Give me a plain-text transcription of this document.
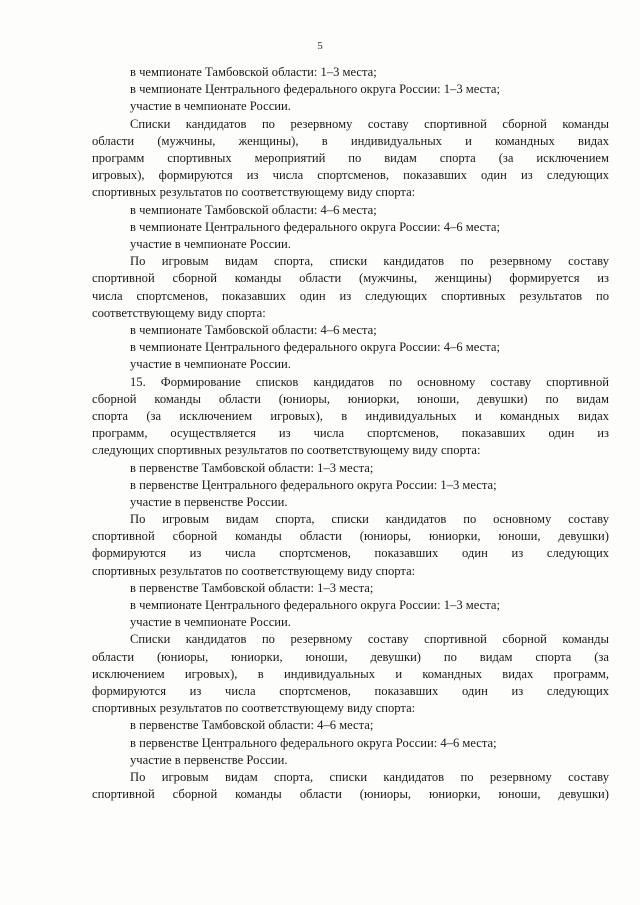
5
в чемпионате Тамбовской области: 1–3 места;
в чемпионате Центрального федерального округа России: 1–3 места;
участие в чемпионате России.
Списки кандидатов по резервному составу спортивной сборной команды
области (мужчины, женщины), в индивидуальных и командных видах
программ спортивных мероприятий по видам спорта (за исключением
игровых), формируются из числа спортсменов, показавших один из следующих
спортивных результатов по соответствующему виду спорта:
в чемпионате Тамбовской области: 4–6 места;
в чемпионате Центрального федерального округа России: 4–6 места;
участие в чемпионате России.
По игровым видам спорта, списки кандидатов по резервному составу
спортивной сборной команды области (мужчины, женщины) формируется из
числа спортсменов, показавших один из следующих спортивных результатов по
соответствующему виду спорта:
в чемпионате Тамбовской области: 4–6 места;
в чемпионате Центрального федерального округа России: 4–6 места;
участие в чемпионате России.
15. Формирование списков кандидатов по основному составу спортивной
сборной команды области (юниоры, юниорки, юноши, девушки) по видам
спорта (за исключением игровых), в индивидуальных и командных видах
программ, осуществляется из числа спортсменов, показавших один из
следующих спортивных результатов по соответствующему виду спорта:
в первенстве Тамбовской области: 1–3 места;
в первенстве Центрального федерального округа России: 1–3 места;
участие в первенстве России.
По игровым видам спорта, списки кандидатов по основному составу
спортивной сборной команды области (юниоры, юниорки, юноши, девушки)
формируются из числа спортсменов, показавших один из следующих
спортивных результатов по соответствующему виду спорта:
в первенстве Тамбовской области: 1–3 места;
в чемпионате Центрального федерального округа России: 1–3 места;
участие в чемпионате России.
Списки кандидатов по резервному составу спортивной сборной команды
области (юниоры, юниорки, юноши, девушки) по видам спорта (за
исключением игровых), в индивидуальных и командных видах программ,
формируются из числа спортсменов, показавших один из следующих
спортивных результатов по соответствующему виду спорта:
в первенстве Тамбовской области: 4–6 места;
в первенстве Центрального федерального округа России: 4–6 места;
участие в первенстве России.
По игровым видам спорта, списки кандидатов по резервному составу
спортивной сборной команды области (юниоры, юниорки, юноши, девушки)
